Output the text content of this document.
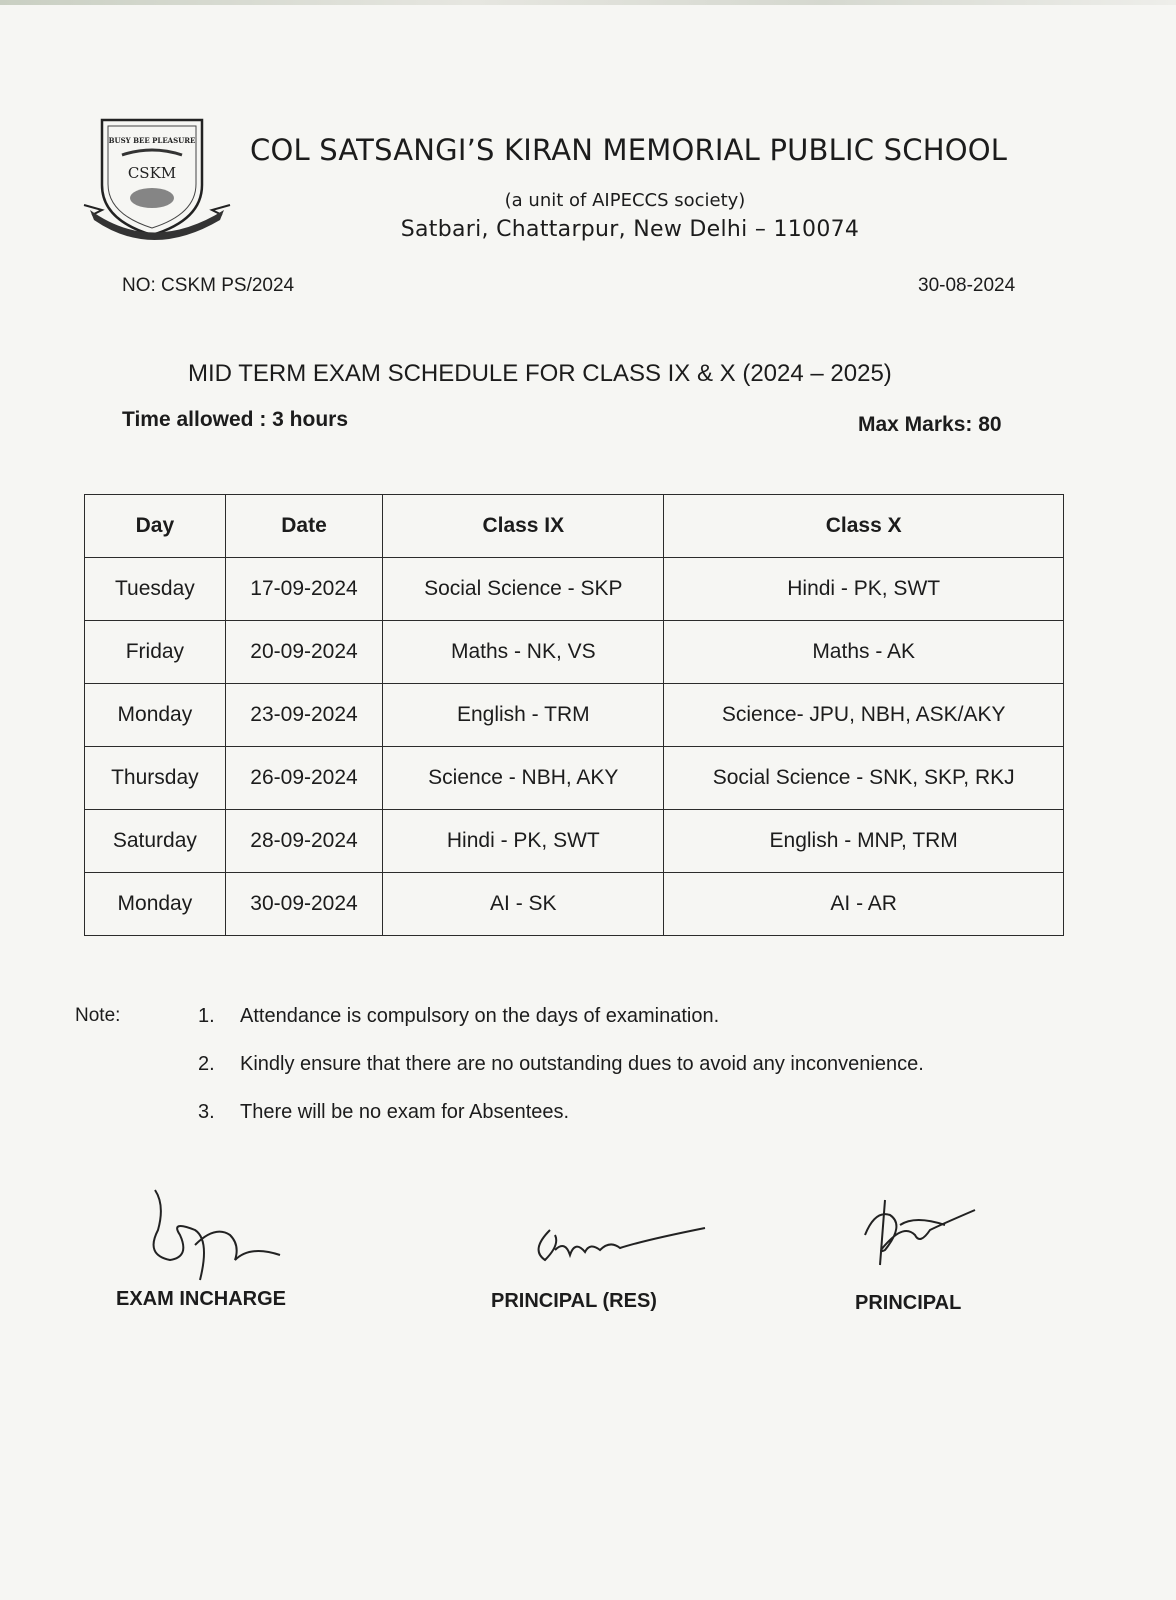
BUSY BEE PLEASURE
CSKM
COL SATSANGI’S KIRAN MEMORIAL PUBLIC SCHOOL
(a unit of AIPECCS society)
Satbari, Chattarpur, New Delhi – 110074
NO: CSKM PS/2024	30-08-2024
MID TERM EXAM SCHEDULE FOR CLASS IX & X (2024 – 2025)
Time allowed : 3 hours	Max Marks: 80
Day	Date	Class IX	Class X
Tuesday	17-09-2024	Social Science - SKP	Hindi - PK, SWT
Friday	20-09-2024	Maths - NK, VS	Maths - AK
Monday	23-09-2024	English - TRM	Science- JPU, NBH, ASK/AKY
Thursday	26-09-2024	Science - NBH, AKY	Social Science - SNK, SKP, RKJ
Saturday	28-09-2024	Hindi - PK, SWT	English - MNP, TRM
Monday	30-09-2024	AI - SK	AI - AR
Note:	1. Attendance is compulsory on the days of examination.
2. Kindly ensure that there are no outstanding dues to avoid any inconvenience.
3. There will be no exam for Absentees.
EXAM INCHARGE	PRINCIPAL (RES)	PRINCIPAL
